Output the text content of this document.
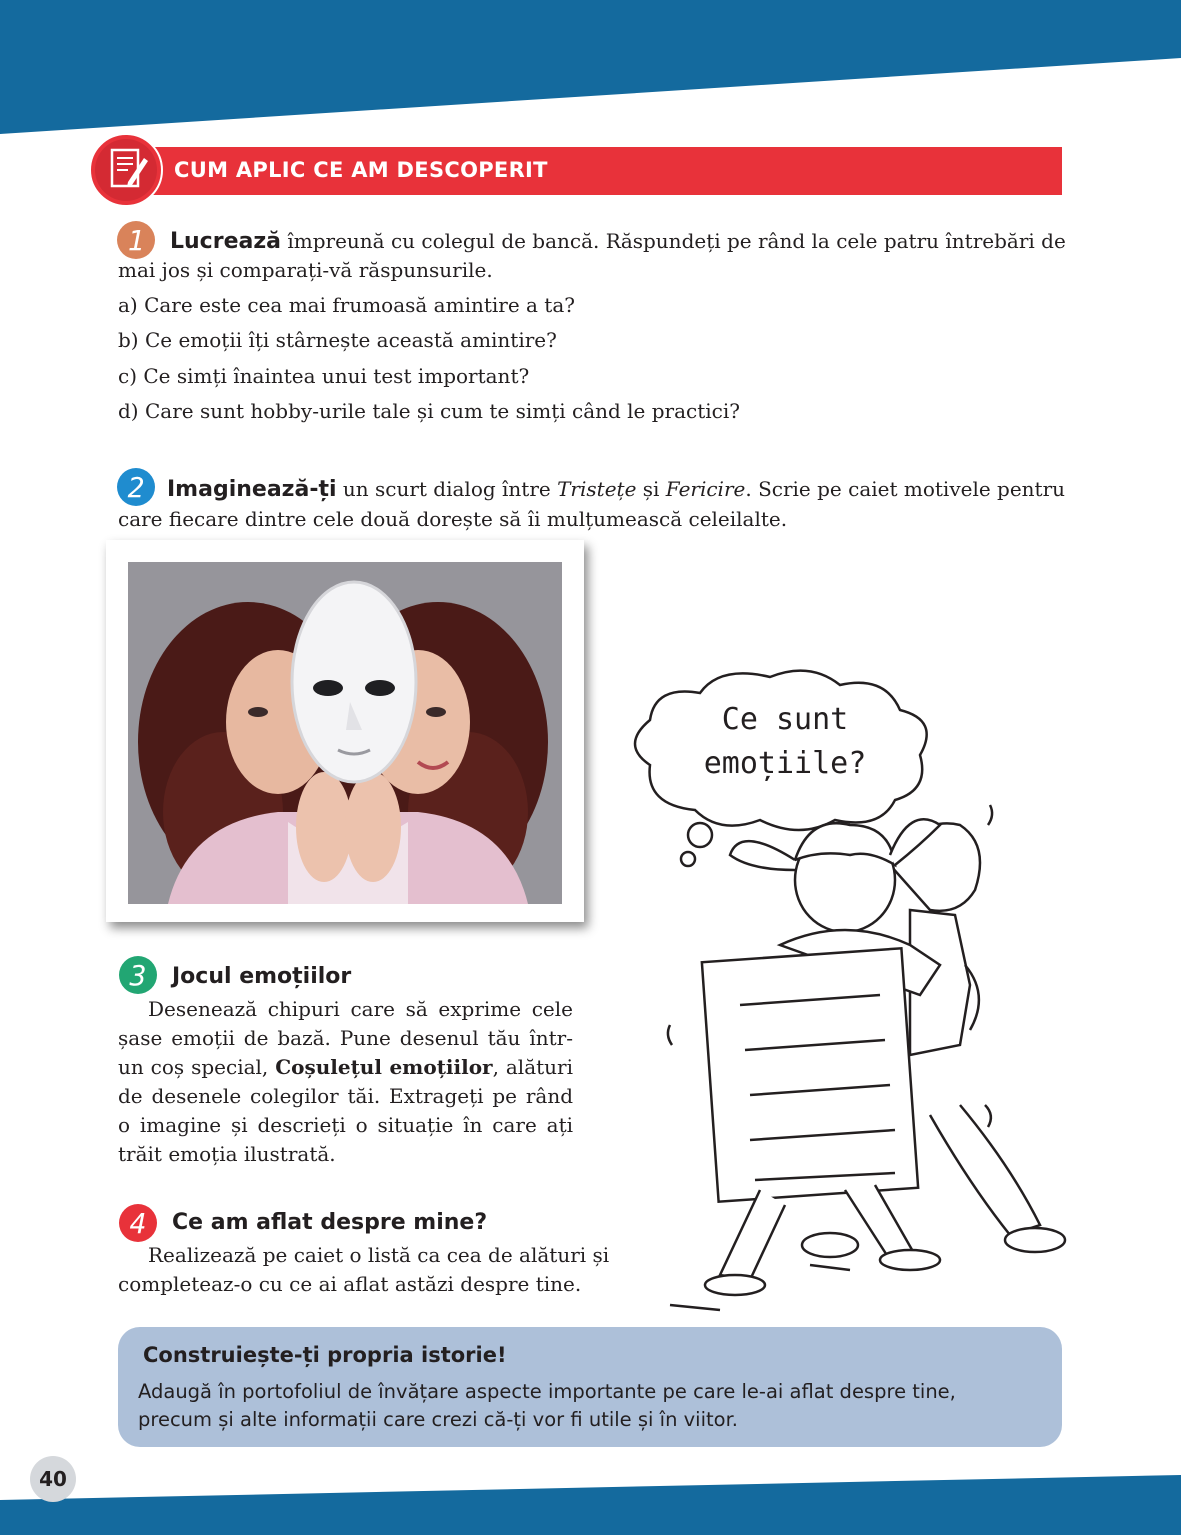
CUM APLIC CE AM DESCOPERIT
1 Lucrează împreună cu colegul de bancă. Răspundeți pe rând la cele patru întrebări de
mai jos și comparați-vă răspunsurile.
a) Care este cea mai frumoasă amintire a ta?
b) Ce emoții îți stârnește această amintire?
c) Ce simți înaintea unui test important?
d) Care sunt hobby-urile tale și cum te simți când le practici?
2 Imaginează-ți un scurt dialog între Tristețe și Fericire. Scrie pe caiet motivele pentru
care fiecare dintre cele două dorește să îi mulțumească celeilalte.
Ce sunt
emoțiile?
3 Jocul emoțiilor
Desenează chipuri care să exprime cele șase emoții de bază. Pune desenul tău într-un coș special, Coșulețul emoțiilor, alături de desenele colegilor tăi. Extrageți pe rând o imagine și descrieți o situație în care ați trăit emoția ilustrată.
4 Ce am aflat despre mine?
Realizează pe caiet o listă ca cea de alături și
completeaz-o cu ce ai aflat astăzi despre tine.
Construiește-ți propria istorie!
Adaugă în portofoliul de învățare aspecte importante pe care le-ai aflat despre tine,
precum și alte informații care crezi că-ți vor fi utile și în viitor.
40
